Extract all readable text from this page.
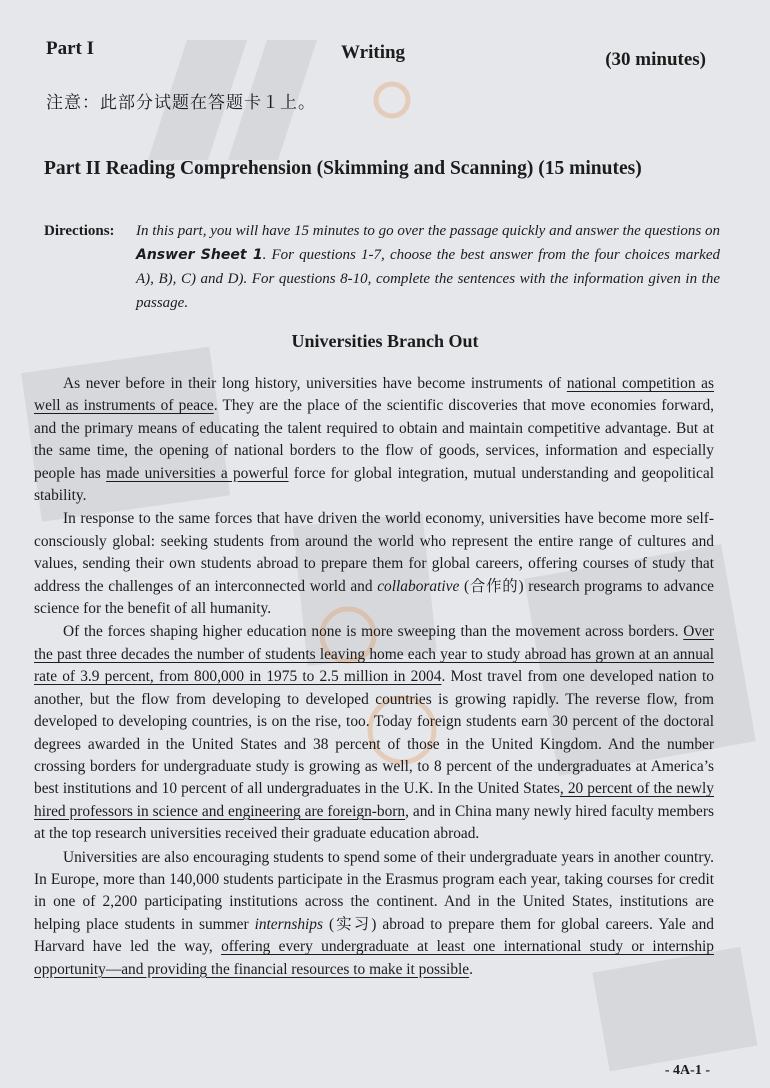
Part I	Writing	(30 minutes)
注意：此部分试题在答题卡１上。
Part II Reading Comprehension (Skimming and Scanning) (15 minutes)
Directions: In this part, you will have 15 minutes to go over the passage quickly and answer the questions on Answer Sheet 1. For questions 1-7, choose the best answer from the four choices marked A), B), C) and D). For questions 8-10, complete the sentences with the information given in the passage.
Universities Branch Out

As never before in their long history, universities have become instruments of national competition as well as instruments of peace. They are the place of the scientific discoveries that move economies forward, and the primary means of educating the talent required to obtain and maintain competitive advantage. But at the same time, the opening of national borders to the flow of goods, services, information and especially people has made universities a powerful force for global integration, mutual understanding and geopolitical stability.

In response to the same forces that have driven the world economy, universities have become more self-consciously global: seeking students from around the world who represent the entire range of cultures and values, sending their own students abroad to prepare them for global careers, offering courses of study that address the challenges of an interconnected world and collaborative (合作的) research programs to advance science for the benefit of all humanity.

Of the forces shaping higher education none is more sweeping than the movement across borders. Over the past three decades the number of students leaving home each year to study abroad has grown at an annual rate of 3.9 percent, from 800,000 in 1975 to 2.5 million in 2004. Most travel from one developed nation to another, but the flow from developing to developed countries is growing rapidly. The reverse flow, from developed to developing countries, is on the rise, too. Today foreign students earn 30 percent of the doctoral degrees awarded in the United States and 38 percent of those in the United Kingdom. And the number crossing borders for undergraduate study is growing as well, to 8 percent of the undergraduates at America’s best institutions and 10 percent of all undergraduates in the U.K. In the United States, 20 percent of the newly hired professors in science and engineering are foreign-born, and in China many newly hired faculty members at the top research universities received their graduate education abroad.

Universities are also encouraging students to spend some of their undergraduate years in another country. In Europe, more than 140,000 students participate in the Erasmus program each year, taking courses for credit in one of 2,200 participating institutions across the continent. And in the United States, institutions are helping place students in summer internships (实习) abroad to prepare them for global careers. Yale and Harvard have led the way, offering every undergraduate at least one international study or internship opportunity—and providing the financial resources to make it possible.

- 4A-1 -
